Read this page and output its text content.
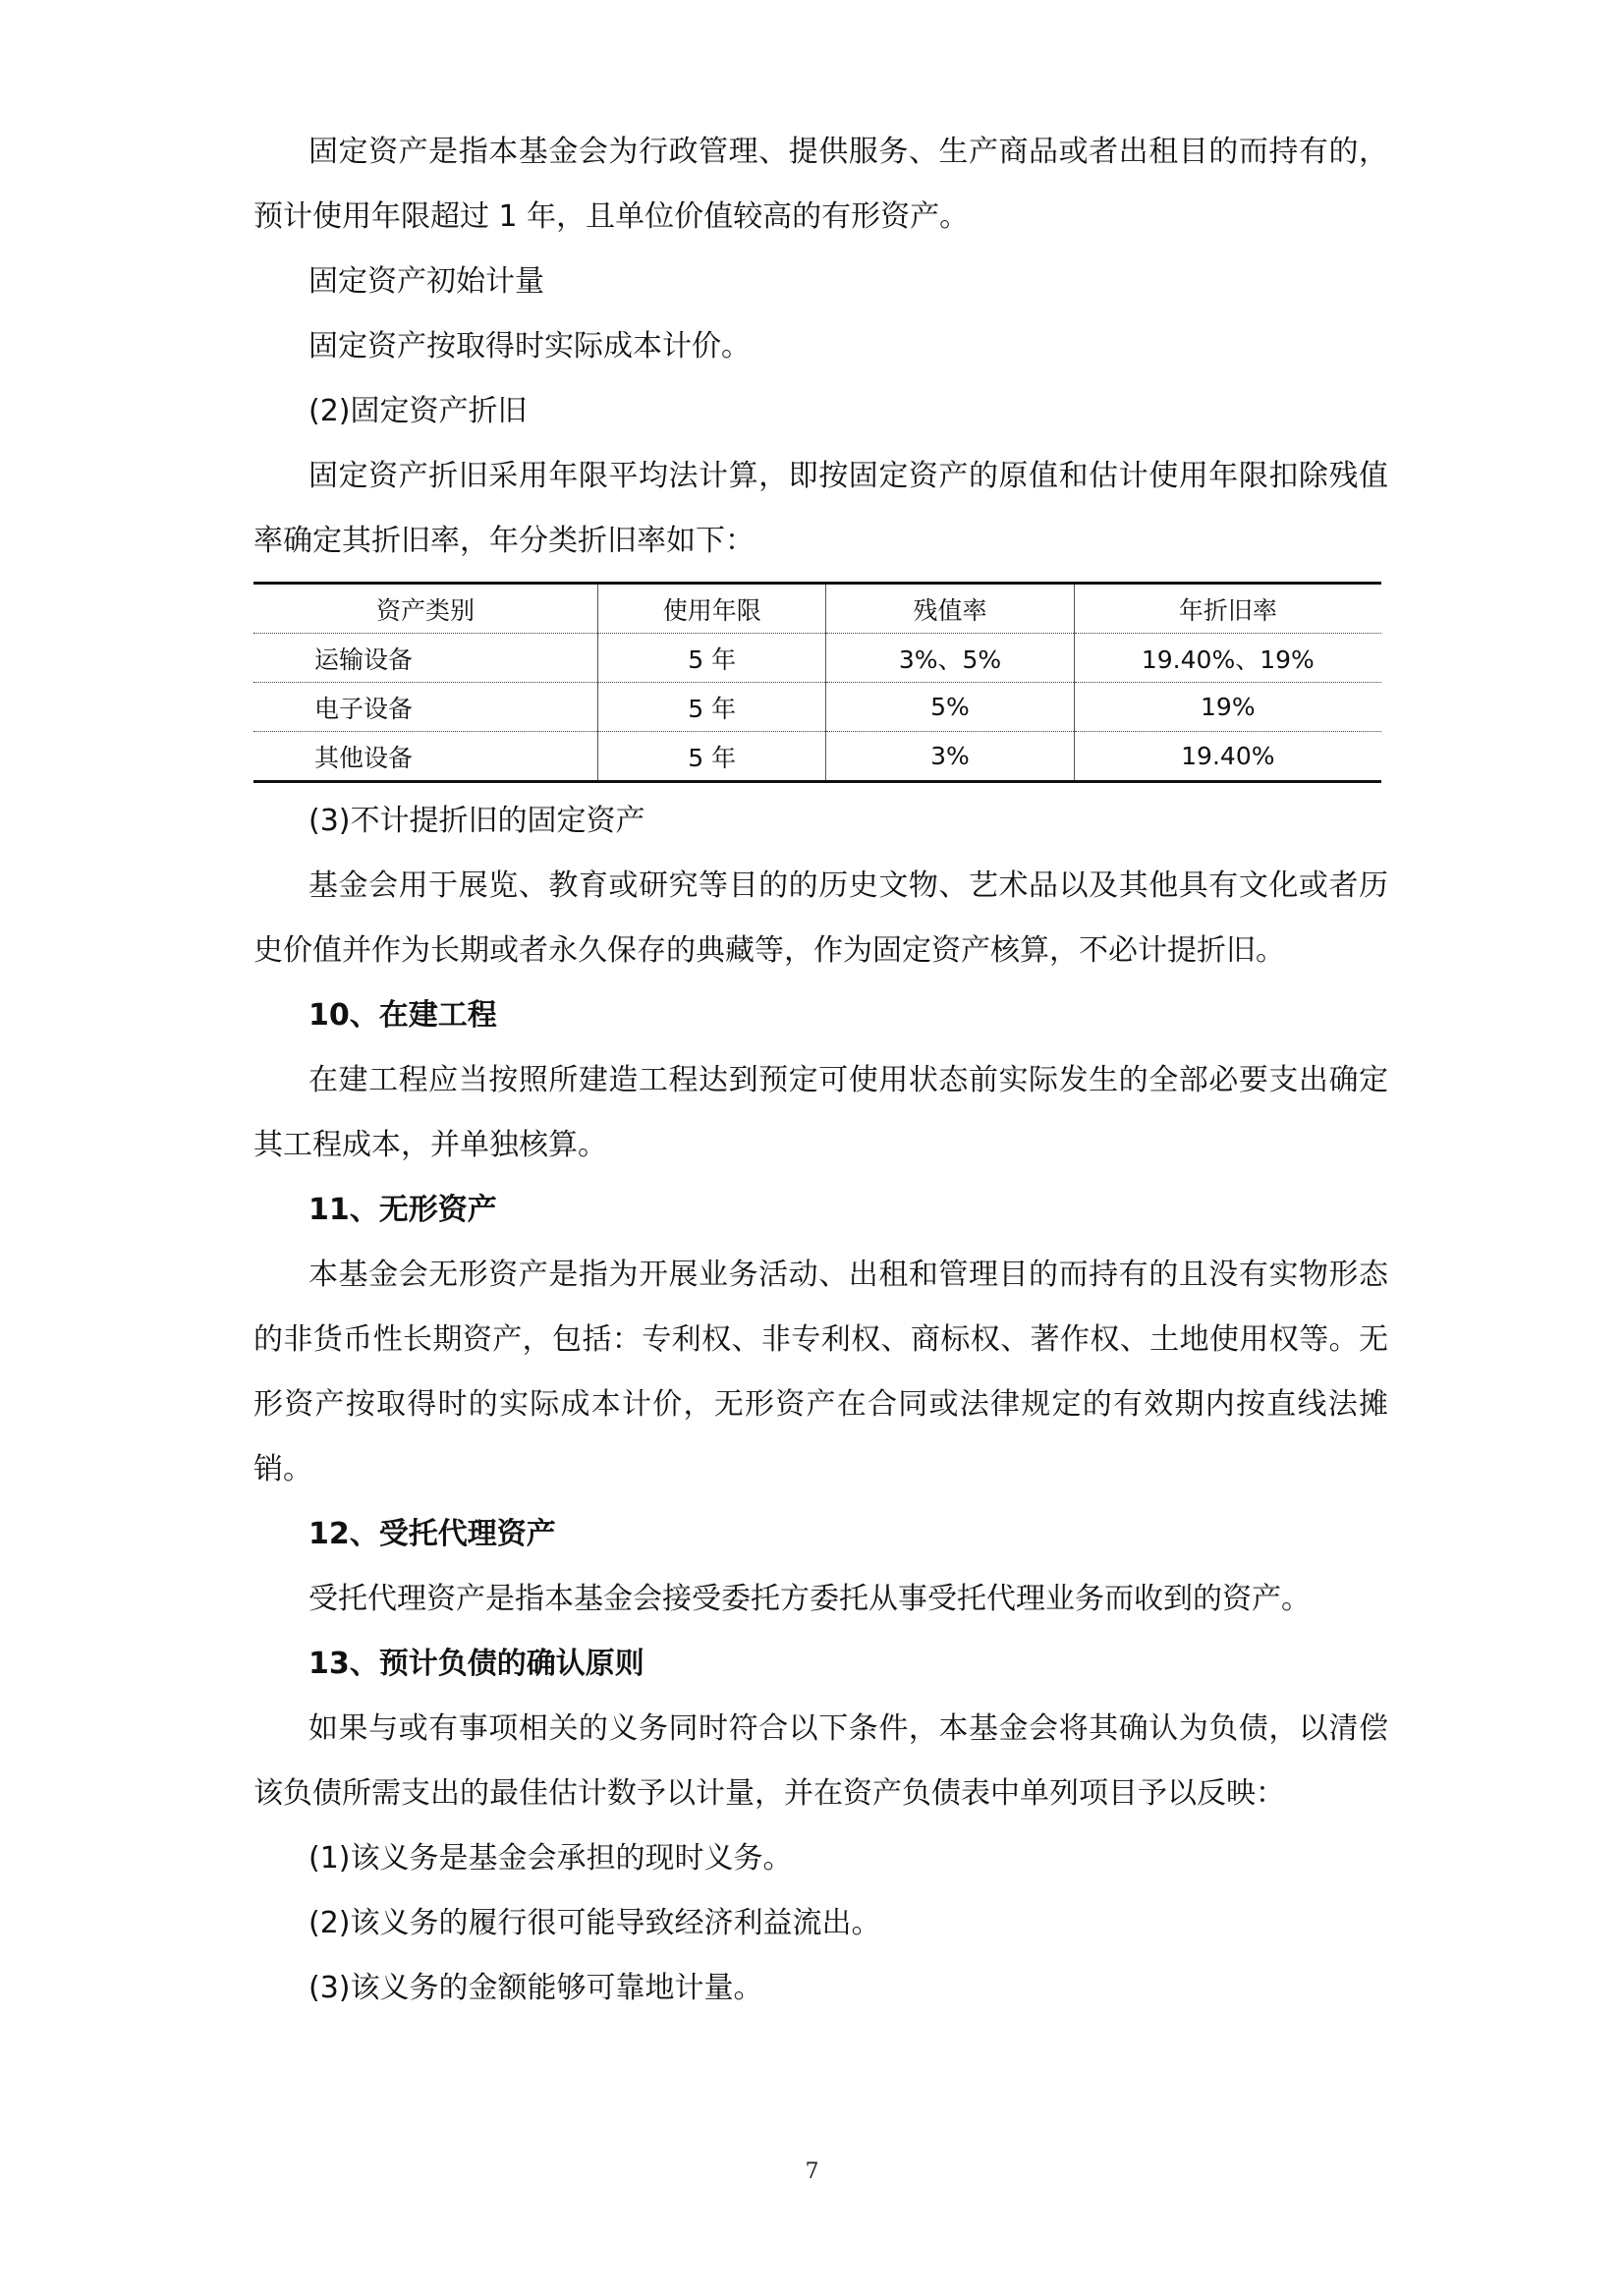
固定资产是指本基金会为行政管理、提供服务、生产商品或者出租目的而持有的，预计使用年限超过 1 年，且单位价值较高的有形资产。

固定资产初始计量

固定资产按取得时实际成本计价。

(2)固定资产折旧

固定资产折旧采用年限平均法计算，即按固定资产的原值和估计使用年限扣除残值率确定其折旧率，年分类折旧率如下：

资产类别	使用年限	残值率	年折旧率
运输设备	5 年	3%、5%	19.40%、19%
电子设备	5 年	5%	19%
其他设备	5 年	3%	19.40%

(3)不计提折旧的固定资产

基金会用于展览、教育或研究等目的的历史文物、艺术品以及其他具有文化或者历史价值并作为长期或者永久保存的典藏等，作为固定资产核算，不必计提折旧。

10、在建工程

在建工程应当按照所建造工程达到预定可使用状态前实际发生的全部必要支出确定其工程成本，并单独核算。

11、无形资产

本基金会无形资产是指为开展业务活动、出租和管理目的而持有的且没有实物形态的非货币性长期资产，包括：专利权、非专利权、商标权、著作权、土地使用权等。无形资产按取得时的实际成本计价，无形资产在合同或法律规定的有效期内按直线法摊销。

12、受托代理资产

受托代理资产是指本基金会接受委托方委托从事受托代理业务而收到的资产。

13、预计负债的确认原则

如果与或有事项相关的义务同时符合以下条件，本基金会将其确认为负债，以清偿该负债所需支出的最佳估计数予以计量，并在资产负债表中单列项目予以反映：

(1)该义务是基金会承担的现时义务。

(2)该义务的履行很可能导致经济利益流出。

(3)该义务的金额能够可靠地计量。

7
